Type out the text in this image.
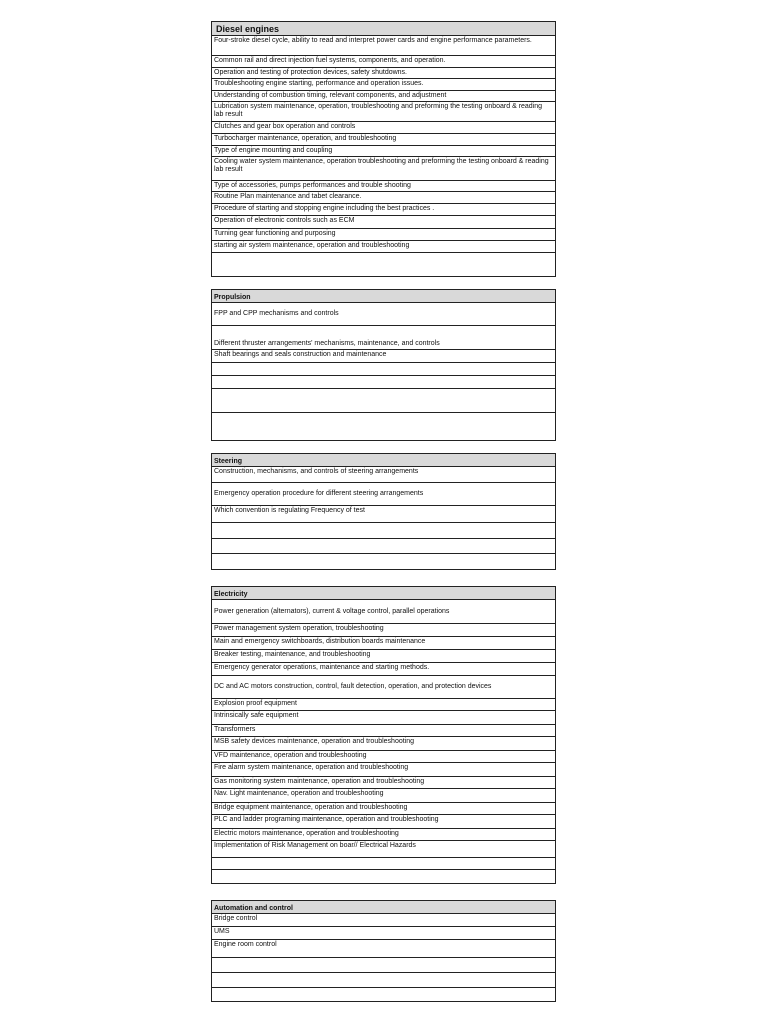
Diesel engines
Four-stroke diesel cycle, ability to read and interpret power cards and engine performance parameters.
Common rail and direct injection fuel systems, components, and operation.
Operation and testing of protection devices, safety shutdowns.
Troubleshooting engine starting, performance and operation issues.
Understanding of combustion timing, relevant components, and adjustment
Lubrication system maintenance, operation, troubleshooting and preforming the testing onboard & reading lab result
Clutches and gear box operation and controls
Turbocharger maintenance, operation, and troubleshooting
Type of engine mounting and coupling
Cooling water system maintenance, operation troubleshooting and preforming the testing onboard & reading lab result
Type of accessories, pumps performances and trouble shooting
Routine Plan maintenance and tabet clearance.
Procedure of starting and stopping engine including the best practices .
Operation of electronic controls such as ECM
Turning gear functioning and purposing
starting air system maintenance, operation and troubleshooting
Propulsion
FPP and CPP mechanisms and controls
Different thruster arrangements' mechanisms, maintenance, and controls
Shaft bearings and seals construction and maintenance
Steering
Construction, mechanisms, and controls of steering arrangements
Emergency operation procedure for different steering arrangements
Which convention is regulating Frequency of test
Electricity
Power generation (alternators), current & voltage control, parallel operations
Power management system operation, troubleshooting
Main and emergency switchboards, distribution boards maintenance
Breaker testing, maintenance, and troubleshooting
Emergency generator operations, maintenance and starting methods.
DC and AC motors construction, control, fault detection, operation, and protection devices
Explosion proof equipment
Intrinsically safe equipment
Transformers
MSB safety devices maintenance, operation and troubleshooting
VFD maintenance, operation and troubleshooting
Fire alarm system maintenance, operation and troubleshooting
Gas monitoring system maintenance, operation and troubleshooting
Nav. Light maintenance, operation and troubleshooting
Bridge equipment maintenance, operation and troubleshooting
PLC and ladder programing maintenance, operation and troubleshooting
Electric motors maintenance, operation and troubleshooting
Implementation of Risk Management on boar// Electrical Hazards
Automation and control
Bridge control
UMS
Engine room control
